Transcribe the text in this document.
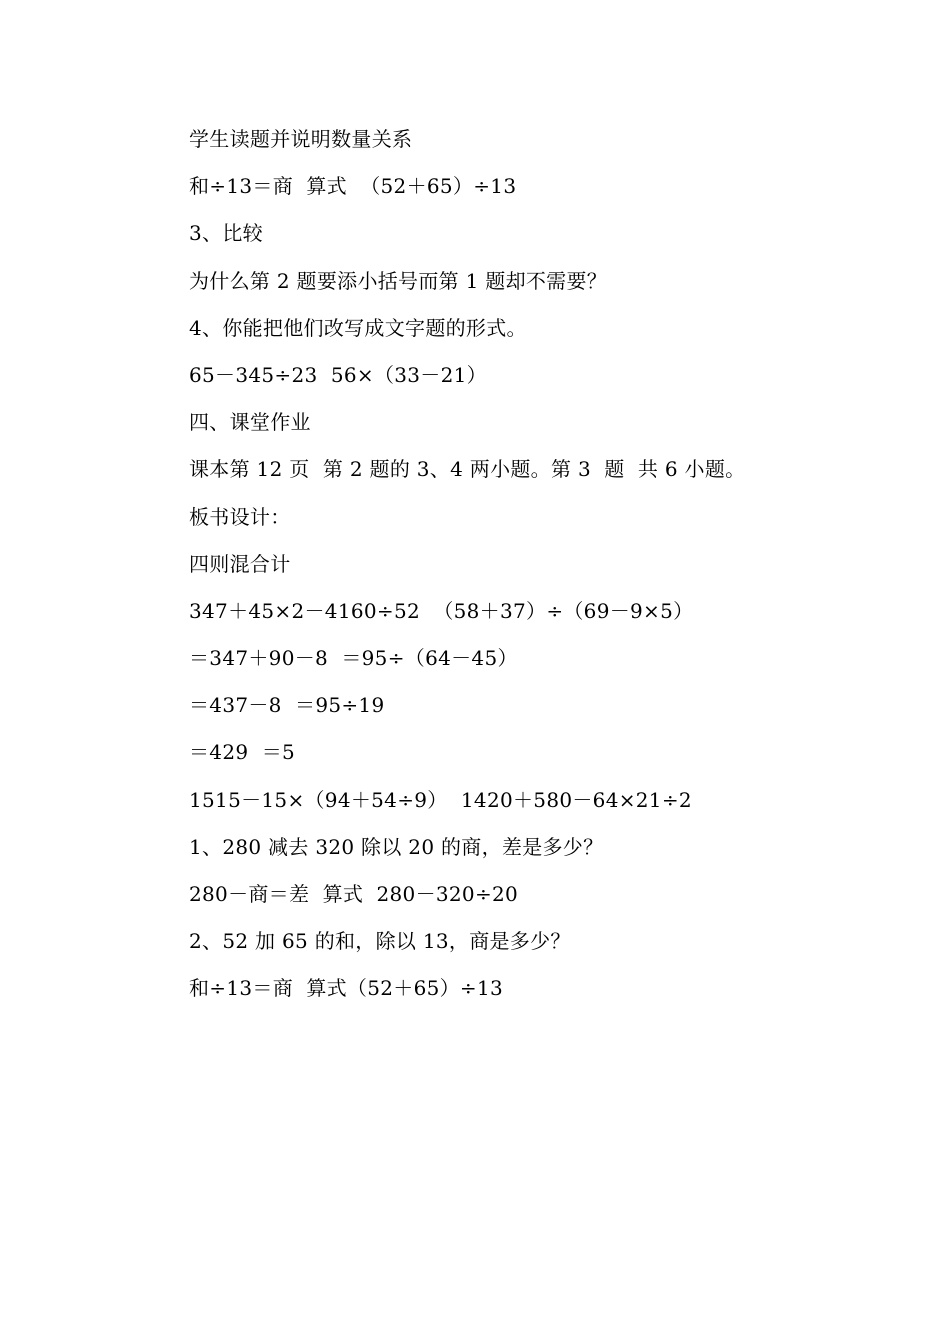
学生读题并说明数量关系
和÷13＝商  算式  （52＋65）÷13
3、比较
为什么第 2 题要添小括号而第 1 题却不需要？
4、你能把他们改写成文字题的形式。
65－345÷23  56×（33－21）
四、课堂作业
课本第 12 页  第 2 题的 3、4 两小题。第 3  题  共 6 小题。
板书设计：
四则混合计
347＋45×2－4160÷52  （58＋37）÷（69－9×5）
＝347＋90－8  ＝95÷（64－45）
＝437－8  ＝95÷19
＝429  ＝5
1515－15×（94＋54÷9）  1420＋580－64×21÷2
1、280 减去 320 除以 20 的商，差是多少？
280－商＝差  算式  280－320÷20
2、52 加 65 的和，除以 13，商是多少？
和÷13＝商  算式（52＋65）÷13
